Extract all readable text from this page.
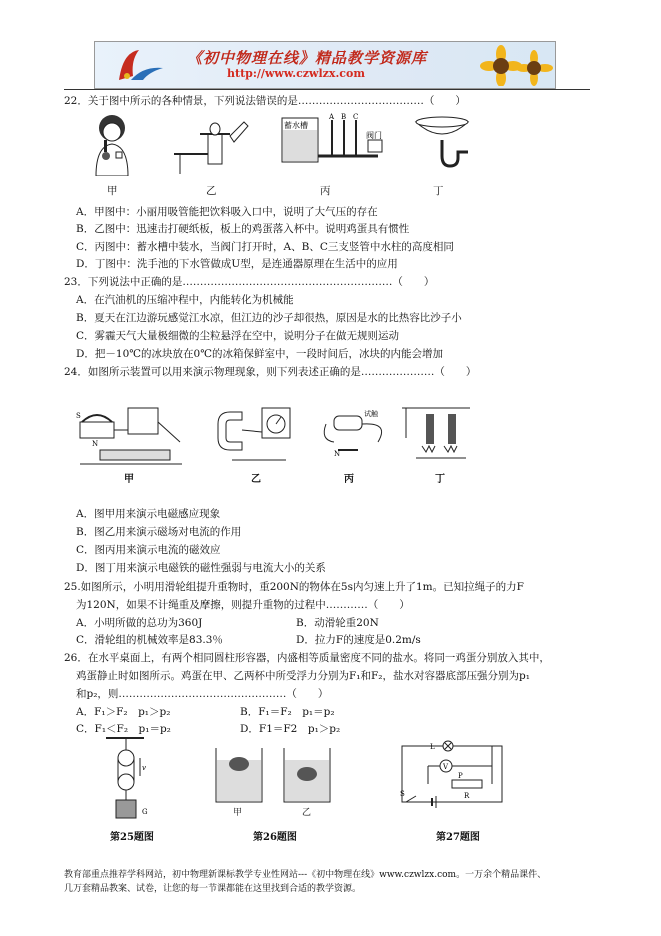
《初中物理在线》精品教学资源库
http://www.czwlzx.com
22．关于图中所示的各种情景，下列说法错误的是………………………………（　　）
蓄水槽
A B C
阀门
甲	乙	丙	丁
A．甲图中：小丽用吸管能把饮料吸入口中，说明了大气压的存在
B．乙图中：迅速击打硬纸板，板上的鸡蛋落入杯中。说明鸡蛋具有惯性
C．丙图中：蓄水槽中装水，当阀门打开时，A、B、C三支竖管中水柱的高度相同
D．丁图中：洗手池的下水管做成U型，是连通器原理在生活中的应用
23．下列说法中正确的是……………………………………………………（　　）
A．在汽油机的压缩冲程中，内能转化为机械能
B．夏天在江边游玩感觉江水凉，但江边的沙子却很热，原因是水的比热容比沙子小
C．雾霾天气大量极细微的尘粒悬浮在空中，说明分子在做无规则运动
D．把－10℃的冰块放在0℃的冰箱保鲜室中，一段时间后，冰块的内能会增加
24．如图所示装置可以用来演示物理现象，则下列表述正确的是…………………（　　）
S
N
试触
N
甲	乙	丙	丁
A．图甲用来演示电磁感应现象
B．图乙用来演示磁场对电流的作用
C．图丙用来演示电流的磁效应
D．图丁用来演示电磁铁的磁性强弱与电流大小的关系
25.如图所示，小明用滑轮组提升重物时，重200N的物体在5s内匀速上升了1m。已知拉绳子的力F
为120N，如果不计绳重及摩擦，则提升重物的过程中…………（　　）
A．小明所做的总功为360J	B．动滑轮重20N
C．滑轮组的机械效率是83.3％	D．拉力F的速度是0.2m/s
26．在水平桌面上，有两个相同圆柱形容器，内盛相等质量密度不同的盐水。将同一鸡蛋分别放入其中，
鸡蛋静止时如图所示。鸡蛋在甲、乙两杯中所受浮力分别为F₁和F₂，盐水对容器底部压强分别为p₁
和p₂，则…………………………………………（　　）
A．F₁＞F₂　p₁＞p₂	B．F₁＝F₂　p₁＝p₂
C．F₁＜F₂　p₁＝p₂	D．F1＝F2　p₁＞p₂
v
G
第25题图
甲	乙
第26题图
L
V
S
P
R
第27题图
教育部重点推荐学科网站，初中物理新课标教学专业性网站---《初中物理在线》www.czwlzx.com。一万余个精品课件、
几万套精品教案、试卷，让您的每一节课都能在这里找到合适的教学资源。
